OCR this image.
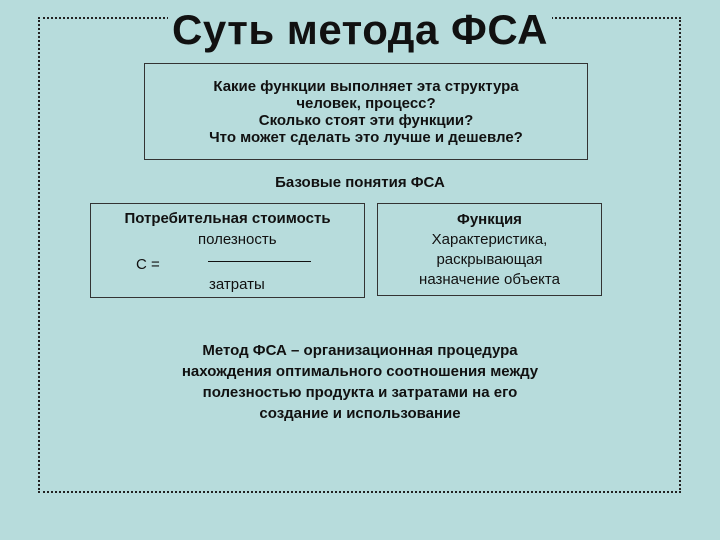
Суть метода ФСА
Какие функции выполняет эта структура
человек, процесс?
Сколько стоят эти функции?
Что может сделать это лучше и дешевле?
Базовые понятия ФСА
Потребительная стоимость
полезность
С =
затраты
Функция
Характеристика,
раскрывающая
назначение объекта
Метод ФСА – организационная процедура
нахождения оптимального соотношения между
полезностью продукта и затратами на его
создание и использование
